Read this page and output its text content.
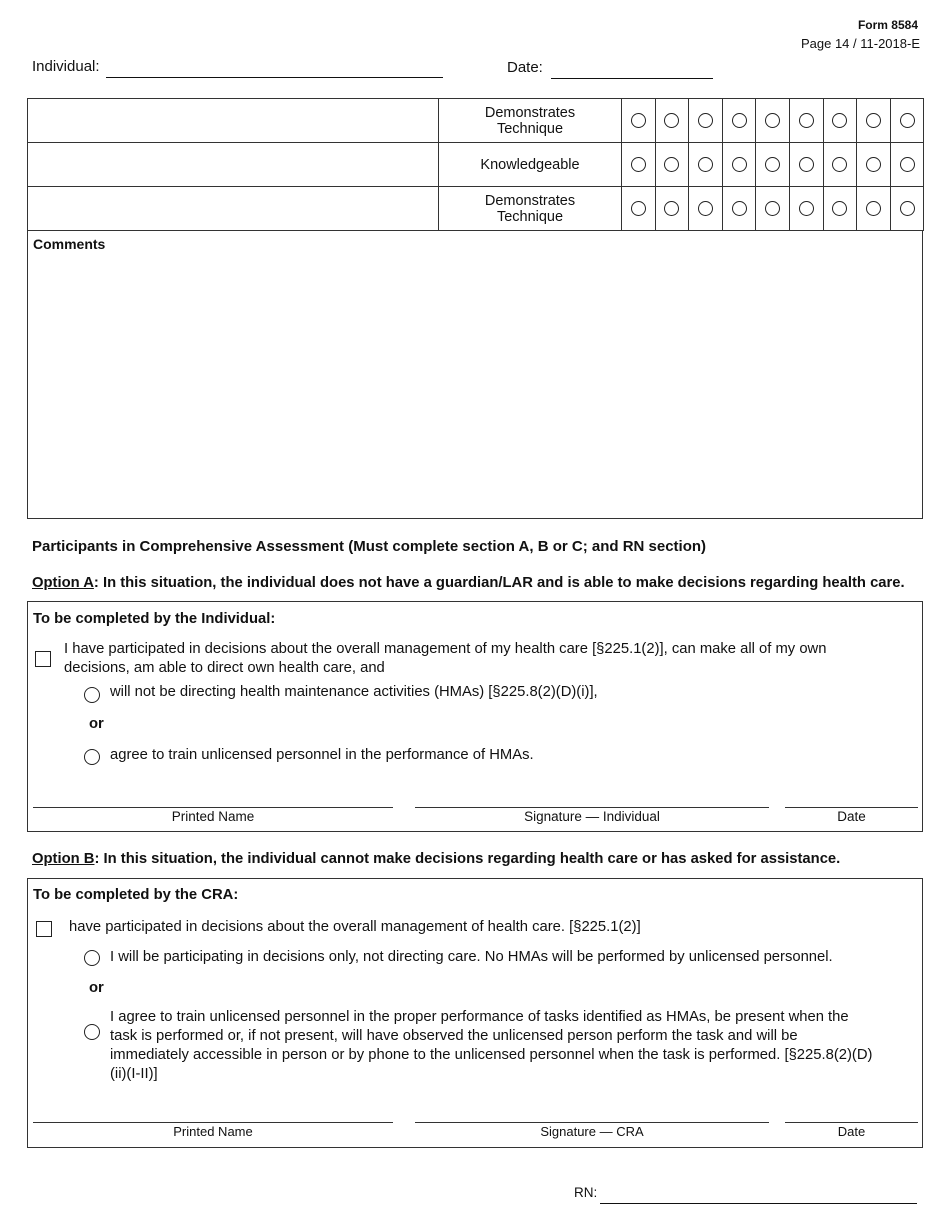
Form 8584
Page 14 / 11-2018-E
Individual:	Date:
	Demonstrates
Technique									
	Knowledgeable									
	Demonstrates
Technique									
Comments
Participants in Comprehensive Assessment (Must complete section A, B or C; and RN section)
Option A: In this situation, the individual does not have a guardian/LAR and is able to make decisions regarding health care.
To be completed by the Individual:
I have participated in decisions about the overall management of my health care [§225.1(2)], can make all of my own
decisions, am able to direct own health care, and
will not be directing health maintenance activities (HMAs) [§225.8(2)(D)(i)],
or
agree to train unlicensed personnel in the performance of HMAs.
Printed Name	Signature — Individual	Date
Option B: In this situation, the individual cannot make decisions regarding health care or has asked for assistance.
To be completed by the CRA:
have participated in decisions about the overall management of health care. [§225.1(2)]
I will be participating in decisions only, not directing care. No HMAs will be performed by unlicensed personnel.
or
I agree to train unlicensed personnel in the proper performance of tasks identified as HMAs, be present when the
task is performed or, if not present, will have observed the unlicensed person perform the task and will be
immediately accessible in person or by phone to the unlicensed personnel when the task is performed. [§225.8(2)(D)
(ii)(I-II)]
Printed Name	Signature — CRA	Date
RN:
